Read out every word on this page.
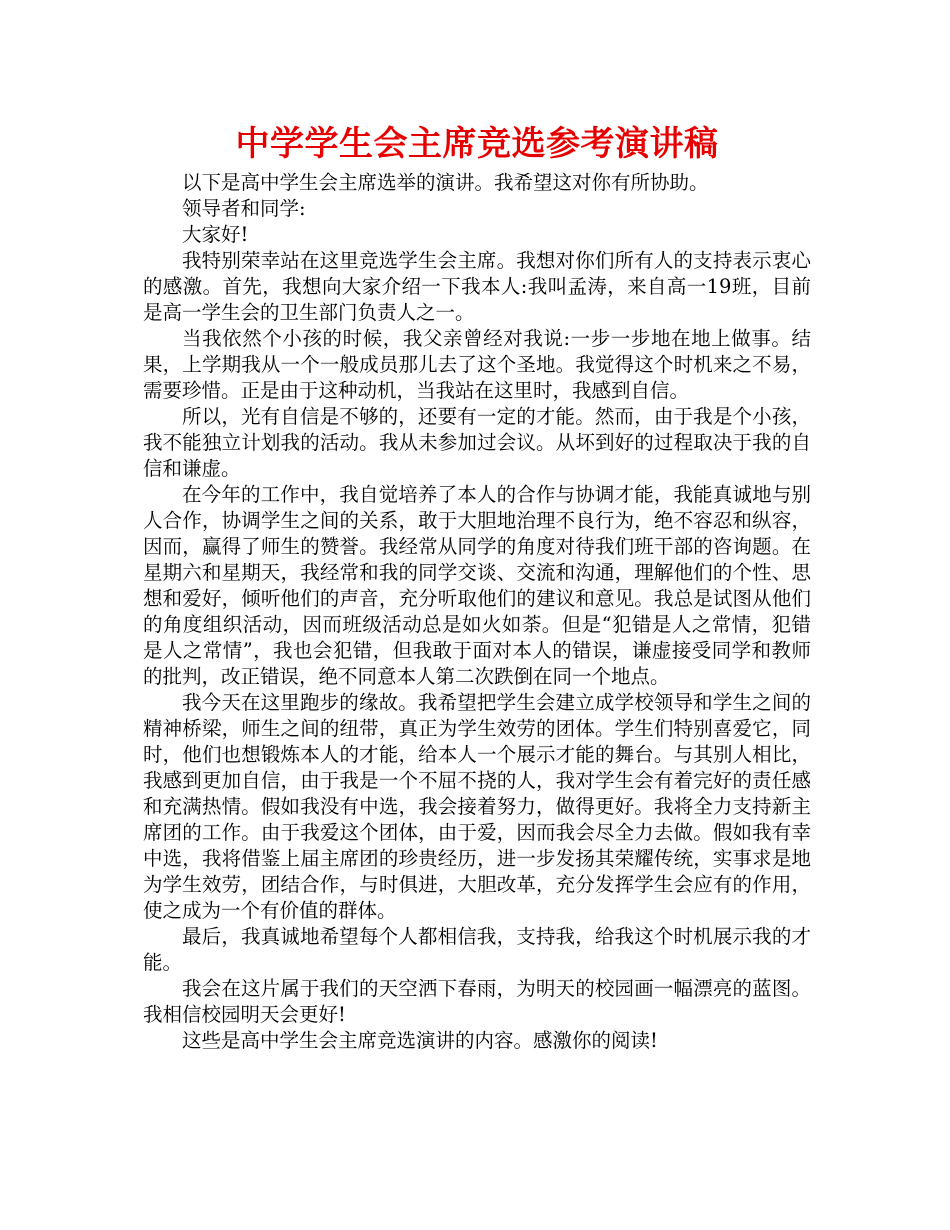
中学学生会主席竞选参考演讲稿

以下是高中学生会主席选举的演讲。我希望这对你有所协助。

领导者和同学:

大家好!

我特别荣幸站在这里竞选学生会主席。我想对你们所有人的支持表示衷心的感激。首先，我想向大家介绍一下我本人:我叫孟涛，来自高一19班，目前是高一学生会的卫生部门负责人之一。

当我依然个小孩的时候，我父亲曾经对我说:一步一步地在地上做事。结果，上学期我从一个一般成员那儿去了这个圣地。我觉得这个时机来之不易，需要珍惜。正是由于这种动机，当我站在这里时，我感到自信。

所以，光有自信是不够的，还要有一定的才能。然而，由于我是个小孩，我不能独立计划我的活动。我从未参加过会议。从坏到好的过程取决于我的自信和谦虚。

在今年的工作中，我自觉培养了本人的合作与协调才能，我能真诚地与别人合作，协调学生之间的关系，敢于大胆地治理不良行为，绝不容忍和纵容，因而，赢得了师生的赞誉。我经常从同学的角度对待我们班干部的咨询题。在星期六和星期天，我经常和我的同学交谈、交流和沟通，理解他们的个性、思想和爱好，倾听他们的声音，充分听取他们的建议和意见。我总是试图从他们的角度组织活动，因而班级活动总是如火如荼。但是“犯错是人之常情，犯错是人之常情”，我也会犯错，但我敢于面对本人的错误，谦虚接受同学和教师的批判，改正错误，绝不同意本人第二次跌倒在同一个地点。

我今天在这里跑步的缘故。我希望把学生会建立成学校领导和学生之间的精神桥梁，师生之间的纽带，真正为学生效劳的团体。学生们特别喜爱它，同时，他们也想锻炼本人的才能，给本人一个展示才能的舞台。与其别人相比，我感到更加自信，由于我是一个不屈不挠的人，我对学生会有着完好的责任感和充满热情。假如我没有中选，我会接着努力，做得更好。我将全力支持新主席团的工作。由于我爱这个团体，由于爱，因而我会尽全力去做。假如我有幸中选，我将借鉴上届主席团的珍贵经历，进一步发扬其荣耀传统，实事求是地为学生效劳，团结合作，与时俱进，大胆改革，充分发挥学生会应有的作用，使之成为一个有价值的群体。

最后，我真诚地希望每个人都相信我，支持我，给我这个时机展示我的才能。

我会在这片属于我们的天空洒下春雨，为明天的校园画一幅漂亮的蓝图。我相信校园明天会更好!

这些是高中学生会主席竞选演讲的内容。感激你的阅读!
